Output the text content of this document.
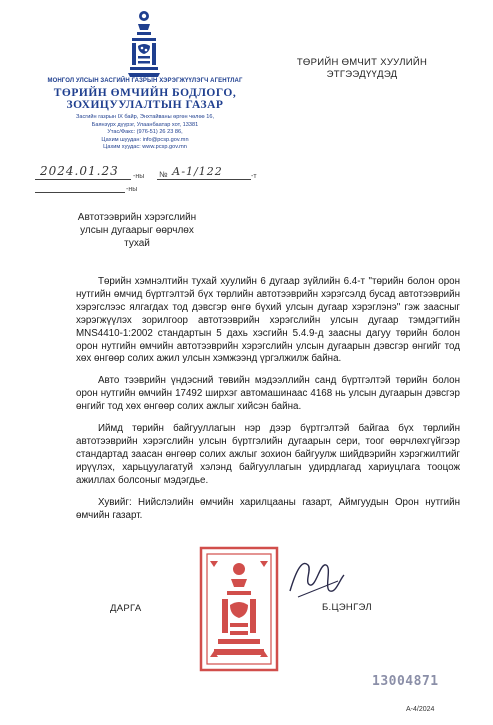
МОНГОЛ УЛСЫН ЗАСГИЙН ГАЗРЫН ХЭРЭГЖҮҮЛЭГЧ АГЕНТЛАГ
ТӨРИЙН ӨМЧИЙН БОДЛОГО,
ЗОХИЦУУЛАЛТЫН ГАЗАР
Засгийн газрын IX байр, Энхтайваны өргөн чөлөө 16,
Баянзүрх дүүрэг, Улаанбаатар хот, 13381
Утас/Факс: (976-51) 26 23 86,
Цахим шуудан: info@pcsp.gov.mn
Цахим хуудас: www.pcsp.gov.mn
ТӨРИЙН ӨМЧИТ ХУУЛИЙН
ЭТГЭЭДҮҮДЭД
2024.01.23 -ны № А-1/122	-т
-ны
Автотээврийн хэрэгслийн
улсын дугаарыг өөрчлөх
тухай

Төрийн хэмнэлтийн тухай хуулийн 6 дугаар зүйлийн 6.4-т "төрийн болон орон нутгийн өмчид бүртгэлтэй бүх төрлийн автотээврийн хэрэгсэлд бусад автотээврийн хэрэгслээс ялгагдах тод дэвсгэр өнгө бүхий улсын дугаар хэрэглэнэ" гэж заасныг хэрэгжүүлэх зорилгоор автотээврийн хэрэгслийн улсын дугаар тэмдэгтийн MNS4410-1:2002 стандартын 5 дахь хэсгийн 5.4.9-д заасны дагуу төрийн болон орон нутгийн өмчийн автотээврийн хэрэгслийн улсын дугаарын дэвсгэр өнгийг тод хөх өнгөөр солих ажил улсын хэмжээнд үргэлжилж байна.

Авто тээврийн үндэсний төвийн мэдээллийн санд бүртгэлтэй төрийн болон орон нутгийн өмчийн 17492 ширхэг автомашинаас 4168 нь улсын дугаарын дэвсгэр өнгийг тод хөх өнгөөр солих ажлыг хийсэн байна.

Иймд төрийн байгууллагын нэр дээр бүртгэлтэй байгаа бүх төрлийн автотээврийн хэрэгслийн улсын бүртгэлийн дугаарын сери, тоог өөрчлөхгүйгээр стандартад заасан өнгөөр солих ажлыг зохион байгуулж шийдвэрийн хэрэгжилтийг ирүүлэх, харьцуулагатуй хэлэнд байгууллагын удирдлагад хариуцлага тооцож ажиллах болсоныг мэдэгдье.

Хувийг: Нийслэлийн өмчийн харилцааны газарт, Аймгуудын Орон нутгийн өмчийн газарт.

ДАРГА	Б.ЦЭНГЭЛ
13004871
А-4/2024
